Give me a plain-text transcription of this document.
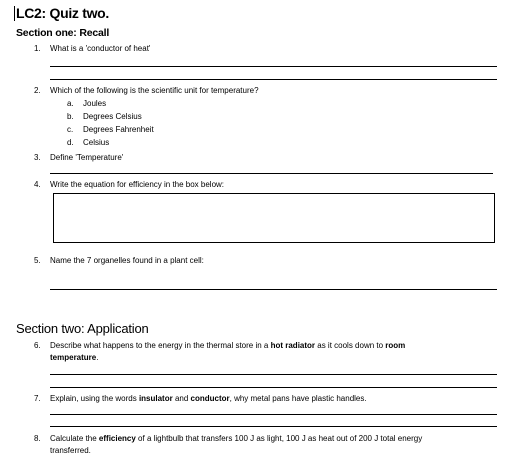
LC2: Quiz two.
Section one: Recall
1. What is a 'conductor of heat'
2. Which of the following is the scientific unit for temperature?
a. Joules
b. Degrees Celsius
c. Degrees Fahrenheit
d. Celsius
3. Define 'Temperature'
4. Write the equation for efficiency in the box below:
5. Name the 7 organelles found in a plant cell:
Section two: Application
6. Describe what happens to the energy in the thermal store in a hot radiator as it cools down to room
temperature.
7. Explain, using the words insulator and conductor, why metal pans have plastic handles.
8. Calculate the efficiency of a lightbulb that transfers 100 J as light, 100 J as heat out of 200 J total energy
transferred.
